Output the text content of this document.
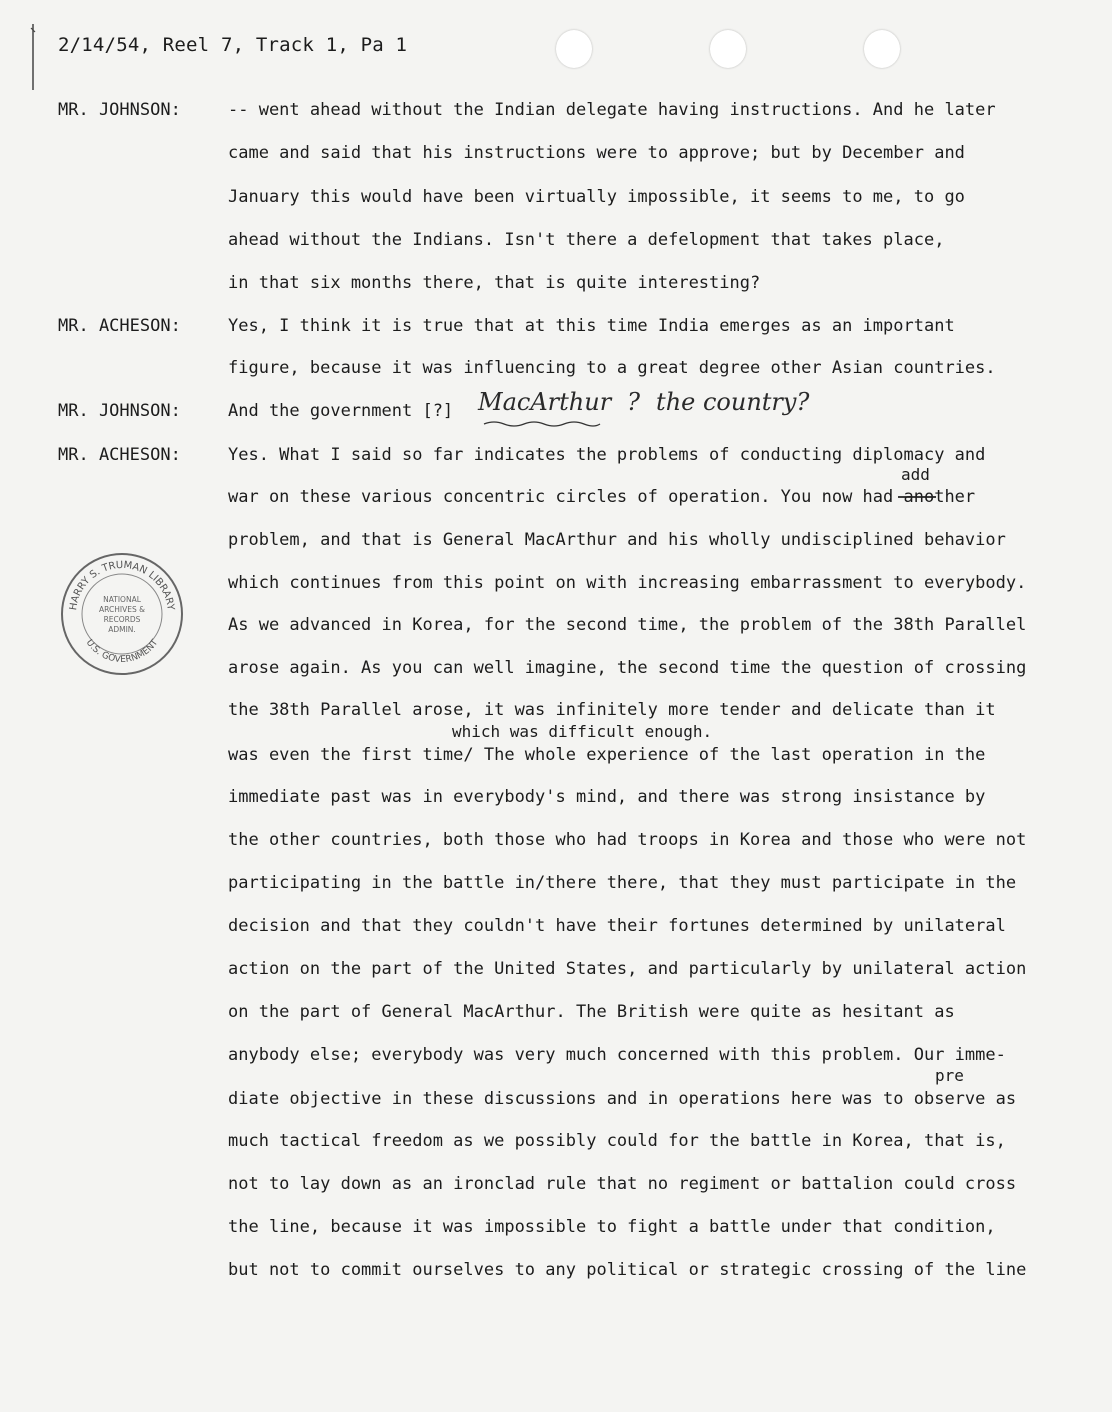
2/14/54, Reel 7, Track 1, Pa 1
MR. JOHNSON:
MR. ACHESON:
MR. JOHNSON:
MR. ACHESON:
-- went ahead without the Indian delegate having instructions. And he later
came and said that his instructions were to approve; but by December and
January this would have been virtually impossible, it seems to me, to go
ahead without the Indians. Isn't there a defelopment that takes place,
in that six months there, that is quite interesting?
Yes, I think it is true that at this time India emerges as an important
figure, because it was influencing to a great degree other Asian countries.
And the government [?]
Yes. What I said so far indicates the problems of conducting diplomacy and
war on these various concentric circles of operation. You now had another
problem, and that is General MacArthur and his wholly undisciplined behavior
which continues from this point on with increasing embarrassment to everybody.
As we advanced in Korea, for the second time, the problem of the 38th Parallel
arose again. As you can well imagine, the second time the question of crossing
the 38th Parallel arose, it was infinitely more tender and delicate than it
was even the first time/ The whole experience of the last operation in the
immediate past was in everybody's mind, and there was strong insistance by
the other countries, both those who had troops in Korea and those who were not
participating in the battle in/there there, that they must participate in the
decision and that they couldn't have their fortunes determined by unilateral
action on the part of the United States, and particularly by unilateral action
on the part of General MacArthur. The British were quite as hesitant as
anybody else; everybody was very much concerned with this problem. Our imme-
diate objective in these discussions and in operations here was to observe as
much tactical freedom as we possibly could for the battle in Korea, that is,
not to lay down as an ironclad rule that no regiment or battalion could cross
the line, because it was impossible to fight a battle under that condition,
but not to commit ourselves to any political or strategic crossing of the line
add
which was difficult enough.
pre
MacArthur ? the country?
HARRY S. TRUMAN LIBRARY
U.S. GOVERNMENT
NATIONAL
ARCHIVES &
RECORDS
ADMIN.
